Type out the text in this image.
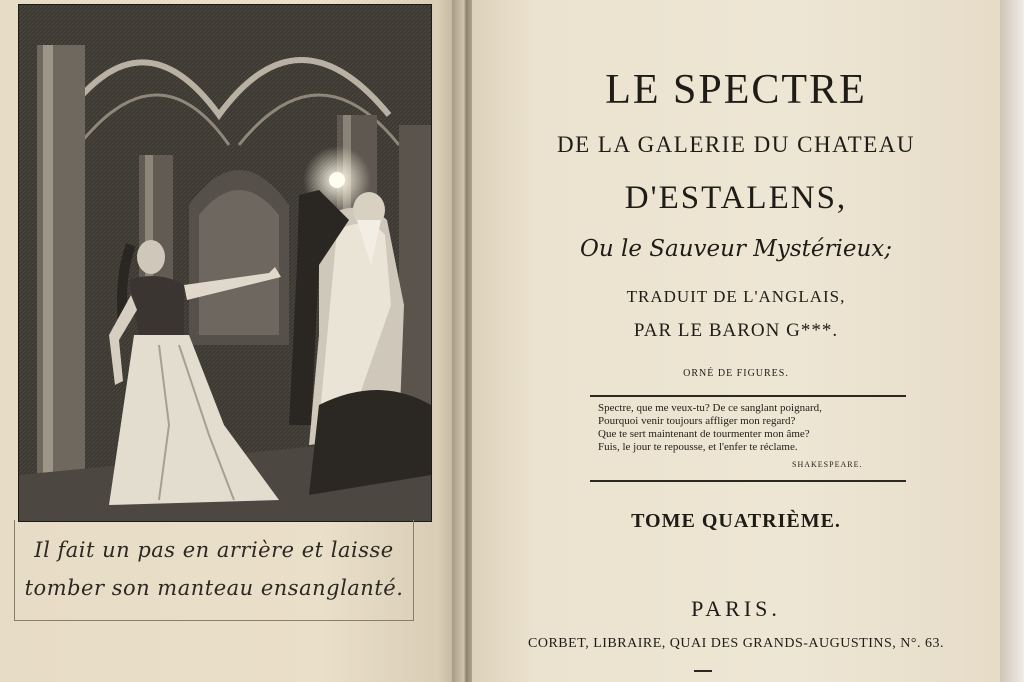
Il fait un pas en arrière et laisse
tomber son manteau ensanglanté.
LE SPECTRE
DE LA GALERIE DU CHATEAU
D'ESTALENS,
Ou le Sauveur Mystérieux;
TRADUIT DE L'ANGLAIS,
PAR LE BARON G***.
ORNÉ DE FIGURES.
Spectre, que me veux-tu? De ce sanglant poignard,
Pourquoi venir toujours affliger mon regard?
Que te sert maintenant de tourmenter mon âme?
Fuis, le jour te repousse, et l'enfer te réclame.
SHAKESPEARE.
TOME QUATRIÈME.
PARIS.
CORBET, LIBRAIRE, QUAI DES GRANDS-AUGUSTINS, N°. 63.
